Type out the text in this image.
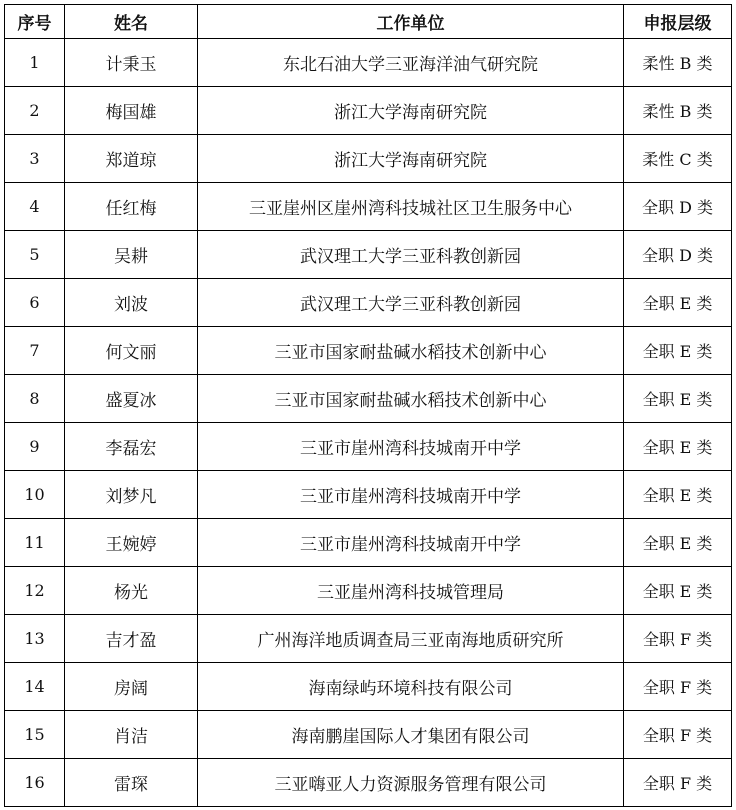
序号	姓名	工作单位	申报层级
1	计秉玉	东北石油大学三亚海洋油气研究院	柔性 B 类
2	梅国雄	浙江大学海南研究院	柔性 B 类
3	郑道琼	浙江大学海南研究院	柔性 C 类
4	任红梅	三亚崖州区崖州湾科技城社区卫生服务中心	全职 D 类
5	吴耕	武汉理工大学三亚科教创新园	全职 D 类
6	刘波	武汉理工大学三亚科教创新园	全职 E 类
7	何文丽	三亚市国家耐盐碱水稻技术创新中心	全职 E 类
8	盛夏冰	三亚市国家耐盐碱水稻技术创新中心	全职 E 类
9	李磊宏	三亚市崖州湾科技城南开中学	全职 E 类
10	刘梦凡	三亚市崖州湾科技城南开中学	全职 E 类
11	王婉婷	三亚市崖州湾科技城南开中学	全职 E 类
12	杨光	三亚崖州湾科技城管理局	全职 E 类
13	吉才盈	广州海洋地质调查局三亚南海地质研究所	全职 F 类
14	房阔	海南绿屿环境科技有限公司	全职 F 类
15	肖洁	海南鹏崖国际人才集团有限公司	全职 F 类
16	雷琛	三亚嗨亚人力资源服务管理有限公司	全职 F 类
